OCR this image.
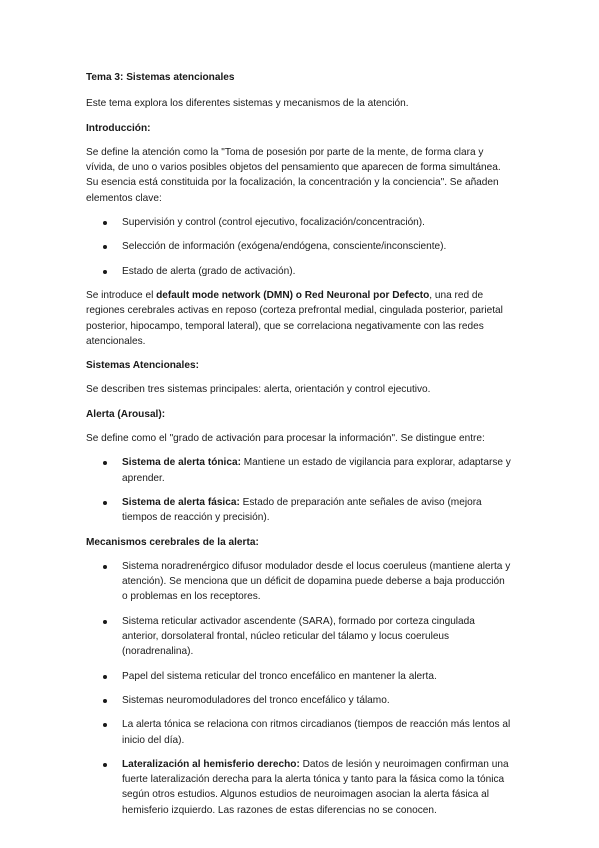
Tema 3: Sistemas atencionales

Este tema explora los diferentes sistemas y mecanismos de la atención.

Introducción:

Se define la atención como la "Toma de posesión por parte de la mente, de forma clara y vívida, de uno o varios posibles objetos del pensamiento que aparecen de forma simultánea. Su esencia está constituida por la focalización, la concentración y la conciencia". Se añaden elementos clave:

Supervisión y control (control ejecutivo, focalización/concentración).
Selección de información (exógena/endógena, consciente/inconsciente).
Estado de alerta (grado de activación).

Se introduce el default mode network (DMN) o Red Neuronal por Defecto, una red de regiones cerebrales activas en reposo (corteza prefrontal medial, cingulada posterior, parietal posterior, hipocampo, temporal lateral), que se correlaciona negativamente con las redes atencionales.

Sistemas Atencionales:

Se describen tres sistemas principales: alerta, orientación y control ejecutivo.

Alerta (Arousal):

Se define como el "grado de activación para procesar la información". Se distingue entre:

Sistema de alerta tónica: Mantiene un estado de vigilancia para explorar, adaptarse y aprender.
Sistema de alerta fásica: Estado de preparación ante señales de aviso (mejora tiempos de reacción y precisión).

Mecanismos cerebrales de la alerta:

Sistema noradrenérgico difusor modulador desde el locus coeruleus (mantiene alerta y atención). Se menciona que un déficit de dopamina puede deberse a baja producción o problemas en los receptores.
Sistema reticular activador ascendente (SARA), formado por corteza cingulada anterior, dorsolateral frontal, núcleo reticular del tálamo y locus coeruleus (noradrenalina).
Papel del sistema reticular del tronco encefálico en mantener la alerta.
Sistemas neuromoduladores del tronco encefálico y tálamo.
La alerta tónica se relaciona con ritmos circadianos (tiempos de reacción más lentos al inicio del día).
Lateralización al hemisferio derecho: Datos de lesión y neuroimagen confirman una fuerte lateralización derecha para la alerta tónica y tanto para la fásica como la tónica según otros estudios. Algunos estudios de neuroimagen asocian la alerta fásica al hemisferio izquierdo. Las razones de estas diferencias no se conocen.
